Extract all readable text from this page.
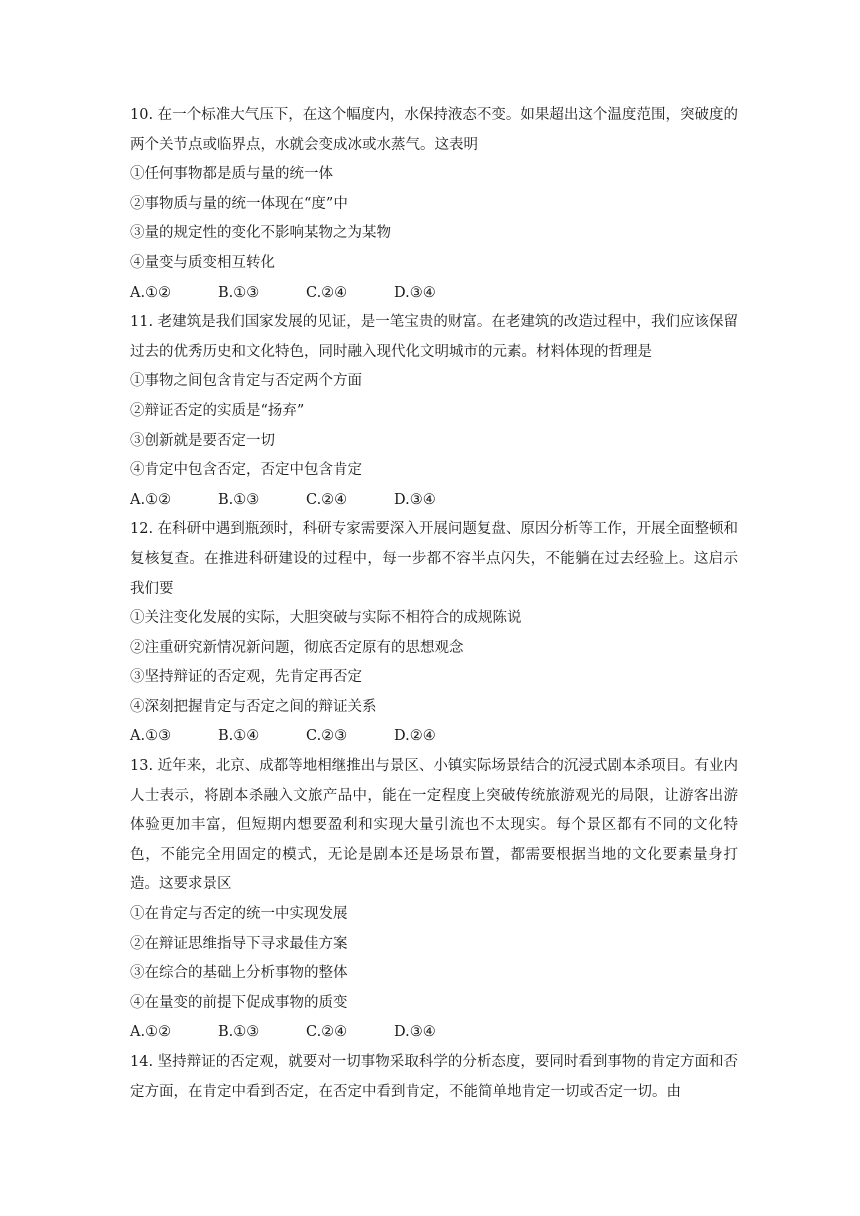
10. 在一个标准大气压下，在这个幅度内，水保持液态不变。如果超出这个温度范围，突破度的两个关节点或临界点，水就会变成冰或水蒸气。这表明
①任何事物都是质与量的统一体
②事物质与量的统一体现在“度”中
③量的规定性的变化不影响某物之为某物
④量变与质变相互转化
A.①②	B.①③	C.②④	D.③④
11. 老建筑是我们国家发展的见证，是一笔宝贵的财富。在老建筑的改造过程中，我们应该保留过去的优秀历史和文化特色，同时融入现代化文明城市的元素。材料体现的哲理是
①事物之间包含肯定与否定两个方面
②辩证否定的实质是“扬弃”
③创新就是要否定一切
④肯定中包含否定，否定中包含肯定
A.①②	B.①③	C.②④	D.③④
12. 在科研中遇到瓶颈时，科研专家需要深入开展问题复盘、原因分析等工作，开展全面整顿和复核复查。在推进科研建设的过程中，每一步都不容半点闪失，不能躺在过去经验上。这启示我们要
①关注变化发展的实际，大胆突破与实际不相符合的成规陈说
②注重研究新情况新问题，彻底否定原有的思想观念
③坚持辩证的否定观，先肯定再否定
④深刻把握肯定与否定之间的辩证关系
A.①③	B.①④	C.②③	D.②④
13. 近年来，北京、成都等地相继推出与景区、小镇实际场景结合的沉浸式剧本杀项目。有业内人士表示，将剧本杀融入文旅产品中，能在一定程度上突破传统旅游观光的局限，让游客出游体验更加丰富，但短期内想要盈利和实现大量引流也不太现实。每个景区都有不同的文化特色，不能完全用固定的模式，无论是剧本还是场景布置，都需要根据当地的文化要素量身打造。这要求景区
①在肯定与否定的统一中实现发展
②在辩证思维指导下寻求最佳方案
③在综合的基础上分析事物的整体
④在量变的前提下促成事物的质变
A.①②	B.①③	C.②④	D.③④
14. 坚持辩证的否定观，就要对一切事物采取科学的分析态度，要同时看到事物的肯定方面和否定方面，在肯定中看到否定，在否定中看到肯定，不能简单地肯定一切或否定一切。由
